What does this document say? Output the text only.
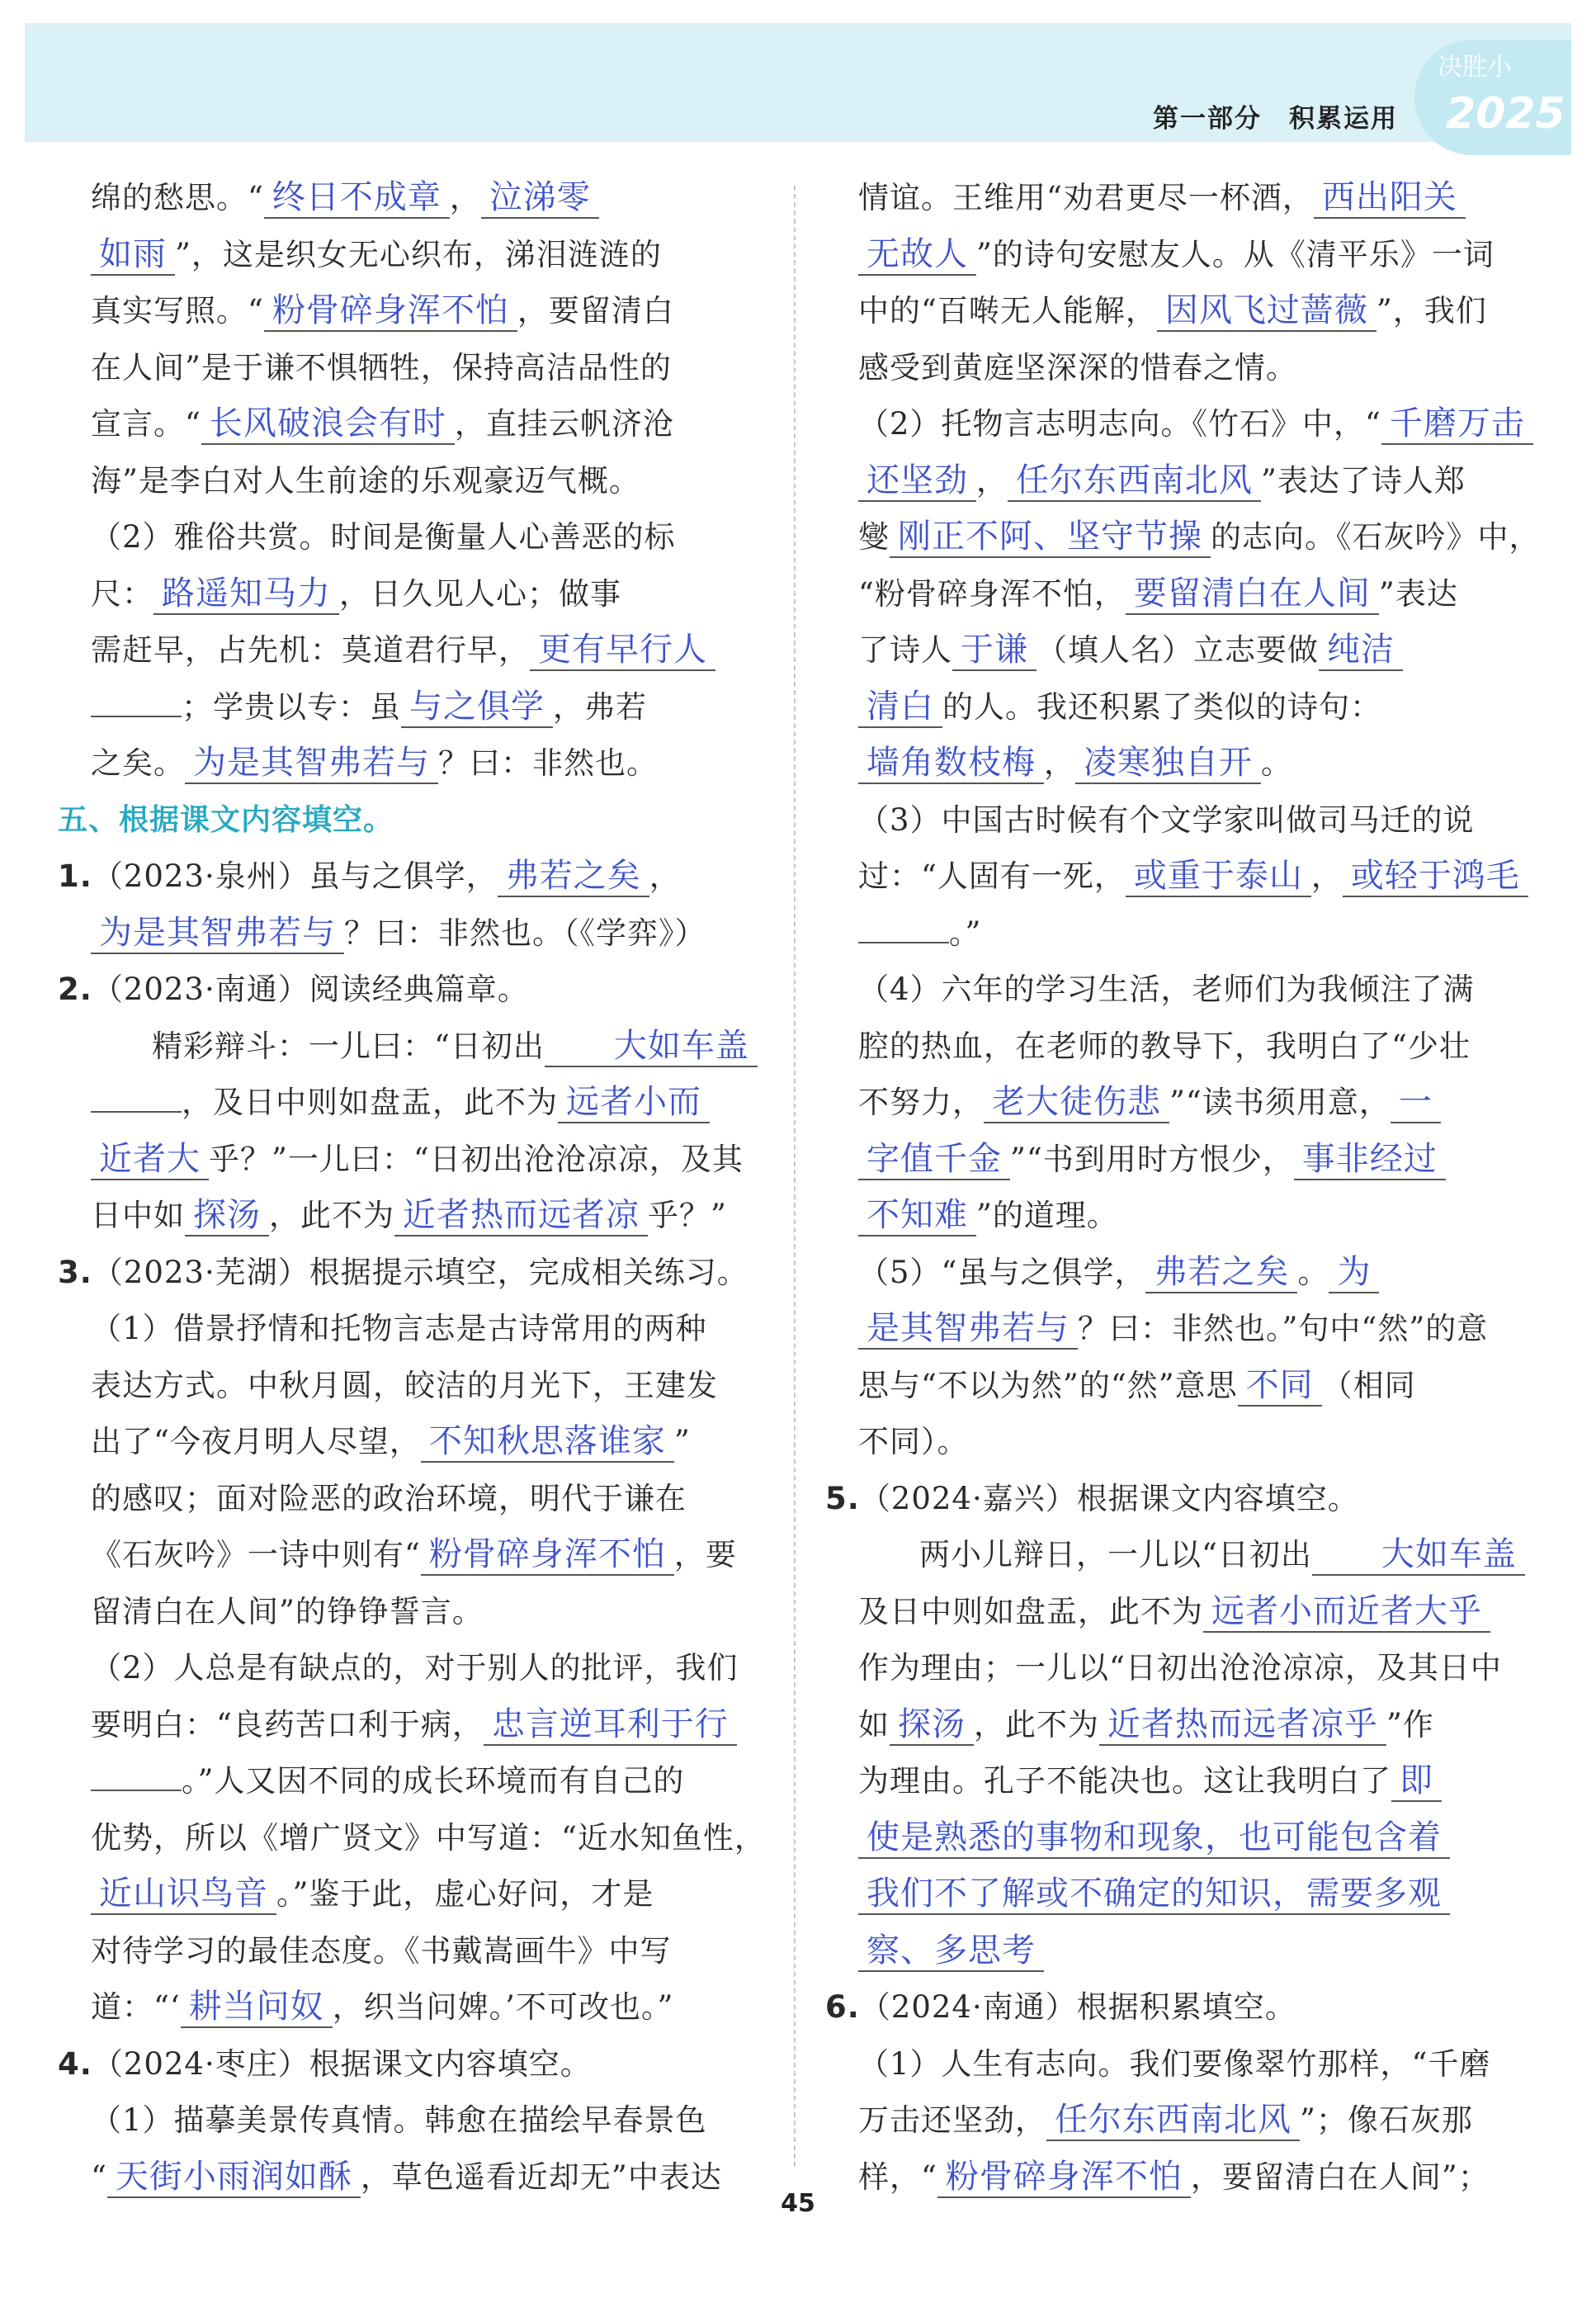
第一部分　积累运用
决胜小
2025

绵的愁思。“ 终日不成章 ， 泣涕零

如雨 ”，这是织女无心织布，涕泪涟涟的

真实写照。“ 粉骨碎身浑不怕 ，要留清白

在人间”是于谦不惧牺牲，保持高洁品性的

宣言。“ 长风破浪会有时 ，直挂云帆济沧

海”是李白对人生前途的乐观豪迈气概。

（2）雅俗共赏。时间是衡量人心善恶的标

尺： 路遥知马力 ，日久见人心；做事

需赶早，占先机：莫道君行早， 更有早行人

；学贵以专：虽 与之俱学 ，弗若

之矣。 为是其智弗若与 ？曰：非然也。

五、根据课文内容填空。

1.（2023·泉州）虽与之俱学， 弗若之矣 ，

为是其智弗若与 ？曰：非然也。（《学弈》）

2.（2023·南通）阅读经典篇章。

精彩辩斗：一儿曰：“日初出 大如车盖

，及日中则如盘盂，此不为 远者小而

近者大 乎？”一儿曰：“日初出沧沧凉凉，及其

日中如 探汤 ，此不为 近者热而远者凉 乎？”

3.（2023·芜湖）根据提示填空，完成相关练习。

（1）借景抒情和托物言志是古诗常用的两种

表达方式。中秋月圆，皎洁的月光下，王建发

出了“今夜月明人尽望， 不知秋思落谁家 ”

的感叹；面对险恶的政治环境，明代于谦在

《石灰吟》一诗中则有“ 粉骨碎身浑不怕 ，要

留清白在人间”的铮铮誓言。

（2）人总是有缺点的，对于别人的批评，我们

要明白：“良药苦口利于病， 忠言逆耳利于行

。”人又因不同的成长环境而有自己的

优势，所以《增广贤文》中写道：“近水知鱼性，

近山识鸟音 。”鉴于此，虚心好问，才是

对待学习的最佳态度。《书戴嵩画牛》中写

道：“‘ 耕当问奴 ，织当问婢。’不可改也。”

4.（2024·枣庄）根据课文内容填空。

（1）描摹美景传真情。韩愈在描绘早春景色

“ 天街小雨润如酥 ，草色遥看近却无”中表达

情谊。王维用“劝君更尽一杯酒， 西出阳关

无故人 ”的诗句安慰友人。从《清平乐》一词

中的“百啭无人能解， 因风飞过蔷薇 ”，我们

感受到黄庭坚深深的惜春之情。

（2）托物言志明志向。《竹石》中，“ 千磨万击

还坚劲 ， 任尔东西南北风 ”表达了诗人郑

燮 刚正不阿、坚守节操 的志向。《石灰吟》中，

“粉骨碎身浑不怕， 要留清白在人间 ”表达

了诗人 于谦 （填人名）立志要做 纯洁

清白 的人。我还积累了类似的诗句：

墙角数枝梅 ， 凌寒独自开 。

（3）中国古时候有个文学家叫做司马迁的说

过：“人固有一死， 或重于泰山 ， 或轻于鸿毛

。”

（4）六年的学习生活，老师们为我倾注了满

腔的热血，在老师的教导下，我明白了“少壮

不努力， 老大徒伤悲 ”“读书须用意， 一

字值千金 ”“书到用时方恨少， 事非经过

不知难 ”的道理。

（5）“虽与之俱学， 弗若之矣 。 为

是其智弗若与 ？曰：非然也。”句中“然”的意

思与“不以为然”的“然”意思 不同 （相同

不同）。

5.（2024·嘉兴）根据课文内容填空。

两小儿辩日，一儿以“日初出 大如车盖

及日中则如盘盂，此不为 远者小而近者大乎

作为理由；一儿以“日初出沧沧凉凉，及其日中

如 探汤 ，此不为 近者热而远者凉乎 ”作

为理由。孔子不能决也。这让我明白了 即

使是熟悉的事物和现象，也可能包含着

我们不了解或不确定的知识，需要多观

察、多思考

6.（2024·南通）根据积累填空。

（1）人生有志向。我们要像翠竹那样，“千磨

万击还坚劲， 任尔东西南北风 ”；像石灰那

样，“ 粉骨碎身浑不怕 ，要留清白在人间”；

45
